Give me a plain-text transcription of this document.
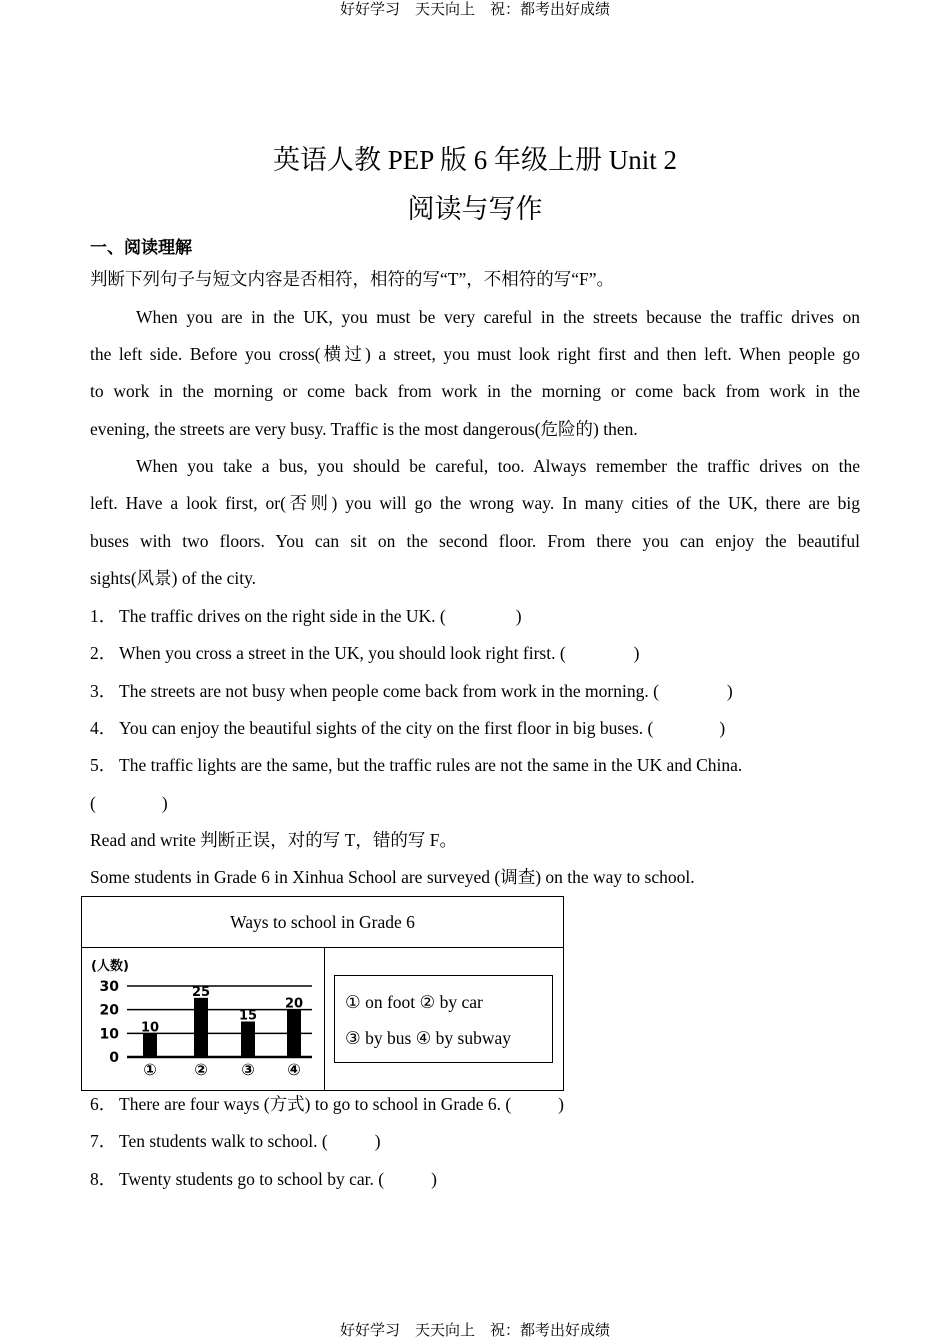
好好学习　天天向上　祝：都考出好成绩
英语人教 PEP 版 6 年级上册 Unit 2
阅读与写作
一、阅读理解
判断下列句子与短文内容是否相符，相符的写“T”，不相符的写“F”。
When you are in the UK, you must be very careful in the streets because the traffic drives on
the left side. Before you cross(横过) a street, you must look right first and then left. When people go
to work in the morning or come back from work in the morning or come back from work in the
evening, the streets are very busy. Traffic is the most dangerous(危险的) then.
When you take a bus, you should be careful, too. Always remember the traffic drives on the
left. Have a look first, or(否则) you will go the wrong way. In many cities of the UK, there are big
buses with two floors. You can sit on the second floor. From there you can enjoy the beautiful
sights(风景) of the city.
1． The traffic drives on the right side in the UK. (	)
2． When you cross a street in the UK, you should look right first. (	)
3． The streets are not busy when people come back from work in the morning. (	)
4． You can enjoy the beautiful sights of the city on the first floor in big buses. (	)
5． The traffic lights are the same, but the traffic rules are not the same in the UK and China.
(	)
Read and write 判断正误，对的写 T，错的写 F。
Some students in Grade 6 in Xinhua School are surveyed (调查) on the way to school.
Ways to school in Grade 6

(人数)
0
10
20
30
10
①
25
②
15
③
20
④

① on foot ② by car
③ by bus ④ by subway
6． There are four ways (方式) to go to school in Grade 6. (	)
7． Ten students walk to school. (	)
8． Twenty students go to school by car. (	)
好好学习　天天向上　祝：都考出好成绩
